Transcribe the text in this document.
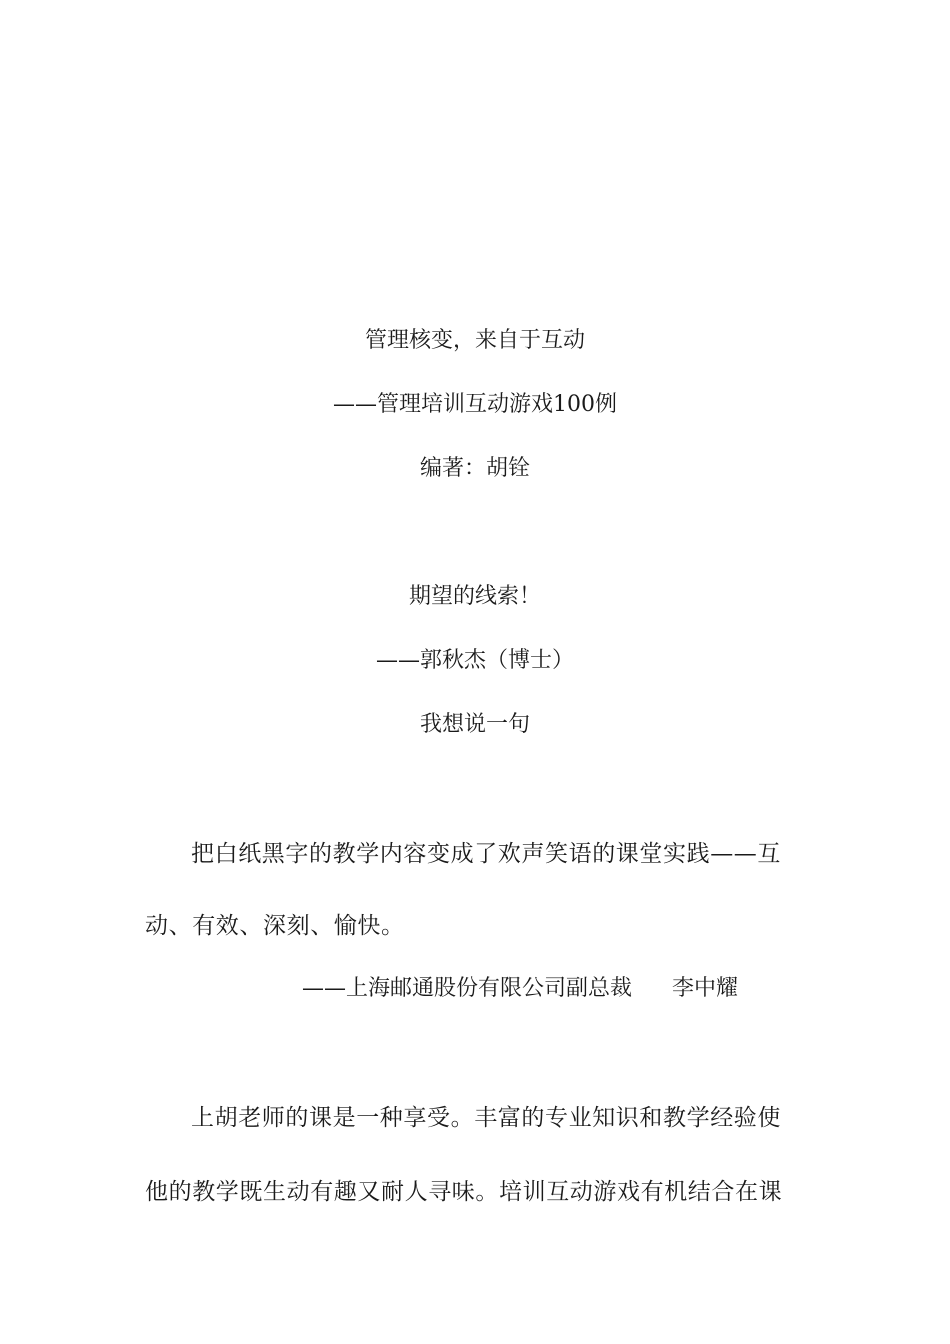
管理核变，来自于互动
——管理培训互动游戏100例
编著：胡铨
期望的线索！
——郭秋杰（博士）
我想说一句
把白纸黑字的教学内容变成了欢声笑语的课堂实践——互
动、有效、深刻、愉快。
——上海邮通股份有限公司副总裁 李中耀
上胡老师的课是一种享受。丰富的专业知识和教学经验使
他的教学既生动有趣又耐人寻味。培训互动游戏有机结合在课
